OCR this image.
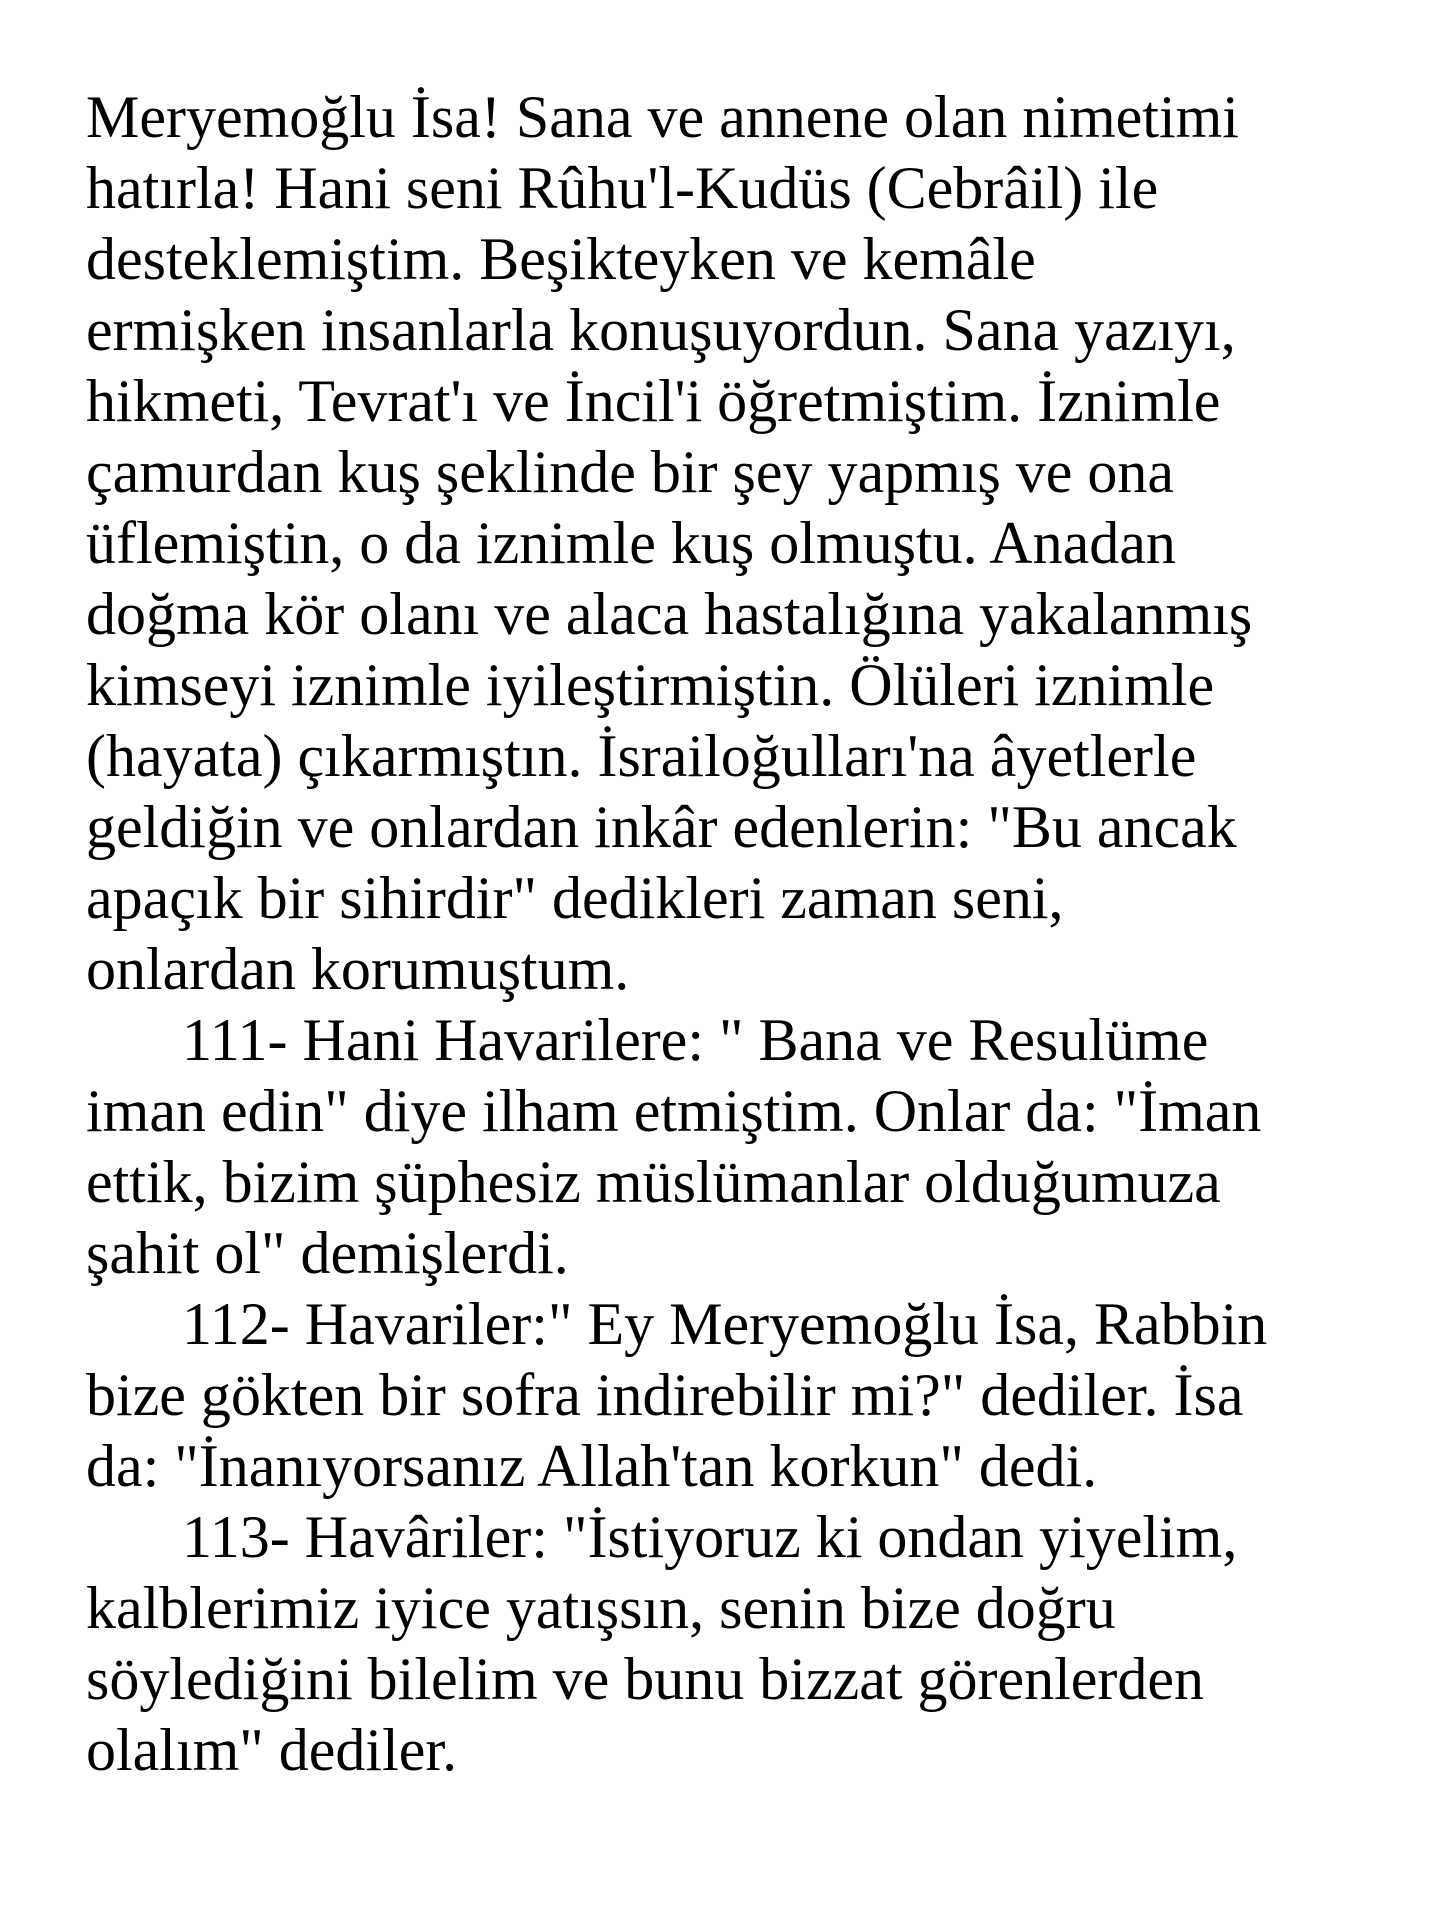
Meryemoğlu İsa! Sana ve annene olan nimetimi
hatırla! Hani seni Rûhu'l-Kudüs (Cebrâil) ile
desteklemiştim. Beşikteyken ve kemâle
ermişken insanlarla konuşuyordun. Sana yazıyı,
hikmeti, Tevrat'ı ve İncil'i öğretmiştim. İznimle
çamurdan kuş şeklinde bir şey yapmış ve ona
üflemiştin, o da iznimle kuş olmuştu. Anadan
doğma kör olanı ve alaca hastalığına yakalanmış
kimseyi iznimle iyileştirmiştin. Ölüleri iznimle
(hayata) çıkarmıştın. İsrailoğulları'na âyetlerle
geldiğin ve onlardan inkâr edenlerin: "Bu ancak
apaçık bir sihirdir" dedikleri zaman seni,
onlardan korumuştum.

111- Hani Havarilere: " Bana ve Resulüme
iman edin" diye ilham etmiştim. Onlar da: "İman
ettik, bizim şüphesiz müslümanlar olduğumuza
şahit ol" demişlerdi.

112- Havariler:" Ey Meryemoğlu İsa, Rabbin
bize gökten bir sofra indirebilir mi?" dediler. İsa
da: "İnanıyorsanız Allah'tan korkun" dedi.

113- Havâriler: "İstiyoruz ki ondan yiyelim,
kalblerimiz iyice yatışsın, senin bize doğru
söylediğini bilelim ve bunu bizzat görenlerden
olalım" dediler.
